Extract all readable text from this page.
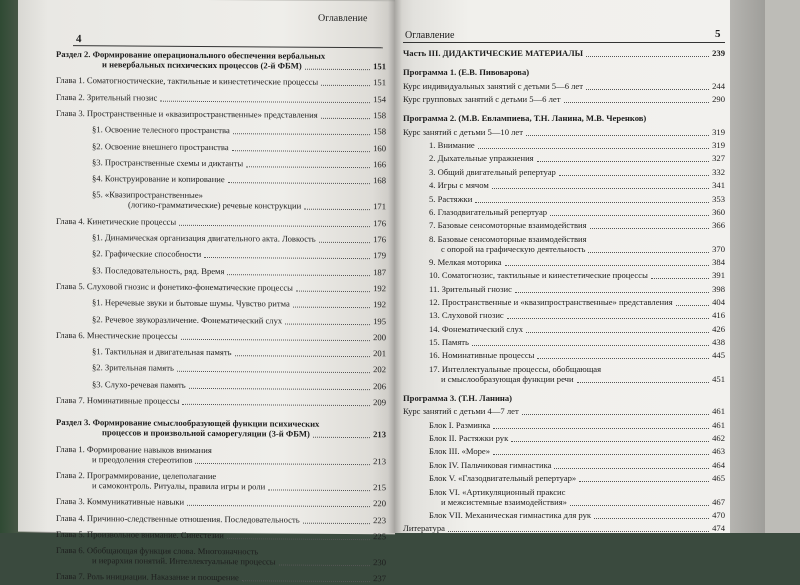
Оглавление
4
Раздел 2. Формирование операционального обеспечения вербальных
и невербальных психических процессов (2-й ФБМ)	151
Глава 1. Соматогностические, тактильные и кинестетические процессы	151
Глава 2. Зрительный гнозис	154
Глава 3. Пространственные и «квазипространственные» представления	158
§1. Освоение телесного пространства	158
§2. Освоение внешнего пространства	160
§3. Пространственные схемы и диктанты	166
§4. Конструирование и копирование	168
§5. «Квазипространственные»
(логико-грамматические) речевые конструкции	171
Глава 4. Кинетические процессы	176
§1. Динамическая организация двигательного акта. Ловкость	176
§2. Графические способности	179
§3. Последовательность, ряд. Время	187
Глава 5. Слуховой гнозис и фонетико-фонематические процессы	192
§1. Неречевые звуки и бытовые шумы. Чувство ритма	192
§2. Речевое звукоразличение. Фонематический слух	195
Глава 6. Мнестические процессы	200
§1. Тактильная и двигательная память	201
§2. Зрительная память	202
§3. Слухо-речевая память	206
Глава 7. Номинативные процессы	209
Раздел 3. Формирование смыслообразующей функции психических
процессов и произвольной саморегуляции (3-й ФБМ)	213
Глава 1. Формирование навыков внимания
и преодоления стереотипов	213
Глава 2. Программирование, целеполагание
и самоконтроль. Ритуалы, правила игры и роли	215
Глава 3. Коммуникативные навыки	220
Глава 4. Причинно-следственные отношения. Последовательность	223
Глава 5. Произвольное внимание. Синестезии	225
Глава 6. Обобщающая функция слова. Многозначность
и иерархия понятий. Интеллектуальные процессы	230
Глава 7. Роль инициации. Наказание и поощрение	237
Оглавление	5
Часть III. ДИДАКТИЧЕСКИЕ МАТЕРИАЛЫ	239
Программа 1. (Е.В. Пивоварова)
Курс индивидуальных занятий с детьми 5—6 лет	244
Курс групповых занятий с детьми 5—6 лет	290
Программа 2. (М.В. Евлампиева, Т.Н. Ланина, М.В. Черенков)
Курс занятий с детьми 5—10 лет	319
1. Внимание	319
2. Дыхательные упражнения	327
3. Общий двигательный репертуар	332
4. Игры с мячом	341
5. Растяжки	353
6. Глазодвигательный репертуар	360
7. Базовые сенсомоторные взаимодействия	366
8. Базовые сенсомоторные взаимодействия
с опорой на графическую деятельность	370
9. Мелкая моторика	384
10. Соматогнозис, тактильные и кинестетические процессы	391
11. Зрительный гнозис	398
12. Пространственные и «квазипространственные» представления	404
13. Слуховой гнозис	416
14. Фонематический слух	426
15. Память	438
16. Номинативные процессы	445
17. Интеллектуальные процессы, обобщающая
и смыслообразующая функции речи	451
Программа 3. (Т.Н. Ланина)
Курс занятий с детьми 4—7 лет	461
Блок I. Разминка	461
Блок II. Растяжки рук	462
Блок III. «Море»	463
Блок IV. Пальчиковая гимнастика	464
Блок V. «Глазодвигательный репертуар»	465
Блок VI. «Артикуляционный праксис
и межсистемные взаимодействия»	467
Блок VII. Механическая гимнастика для рук	470
Литература	474
